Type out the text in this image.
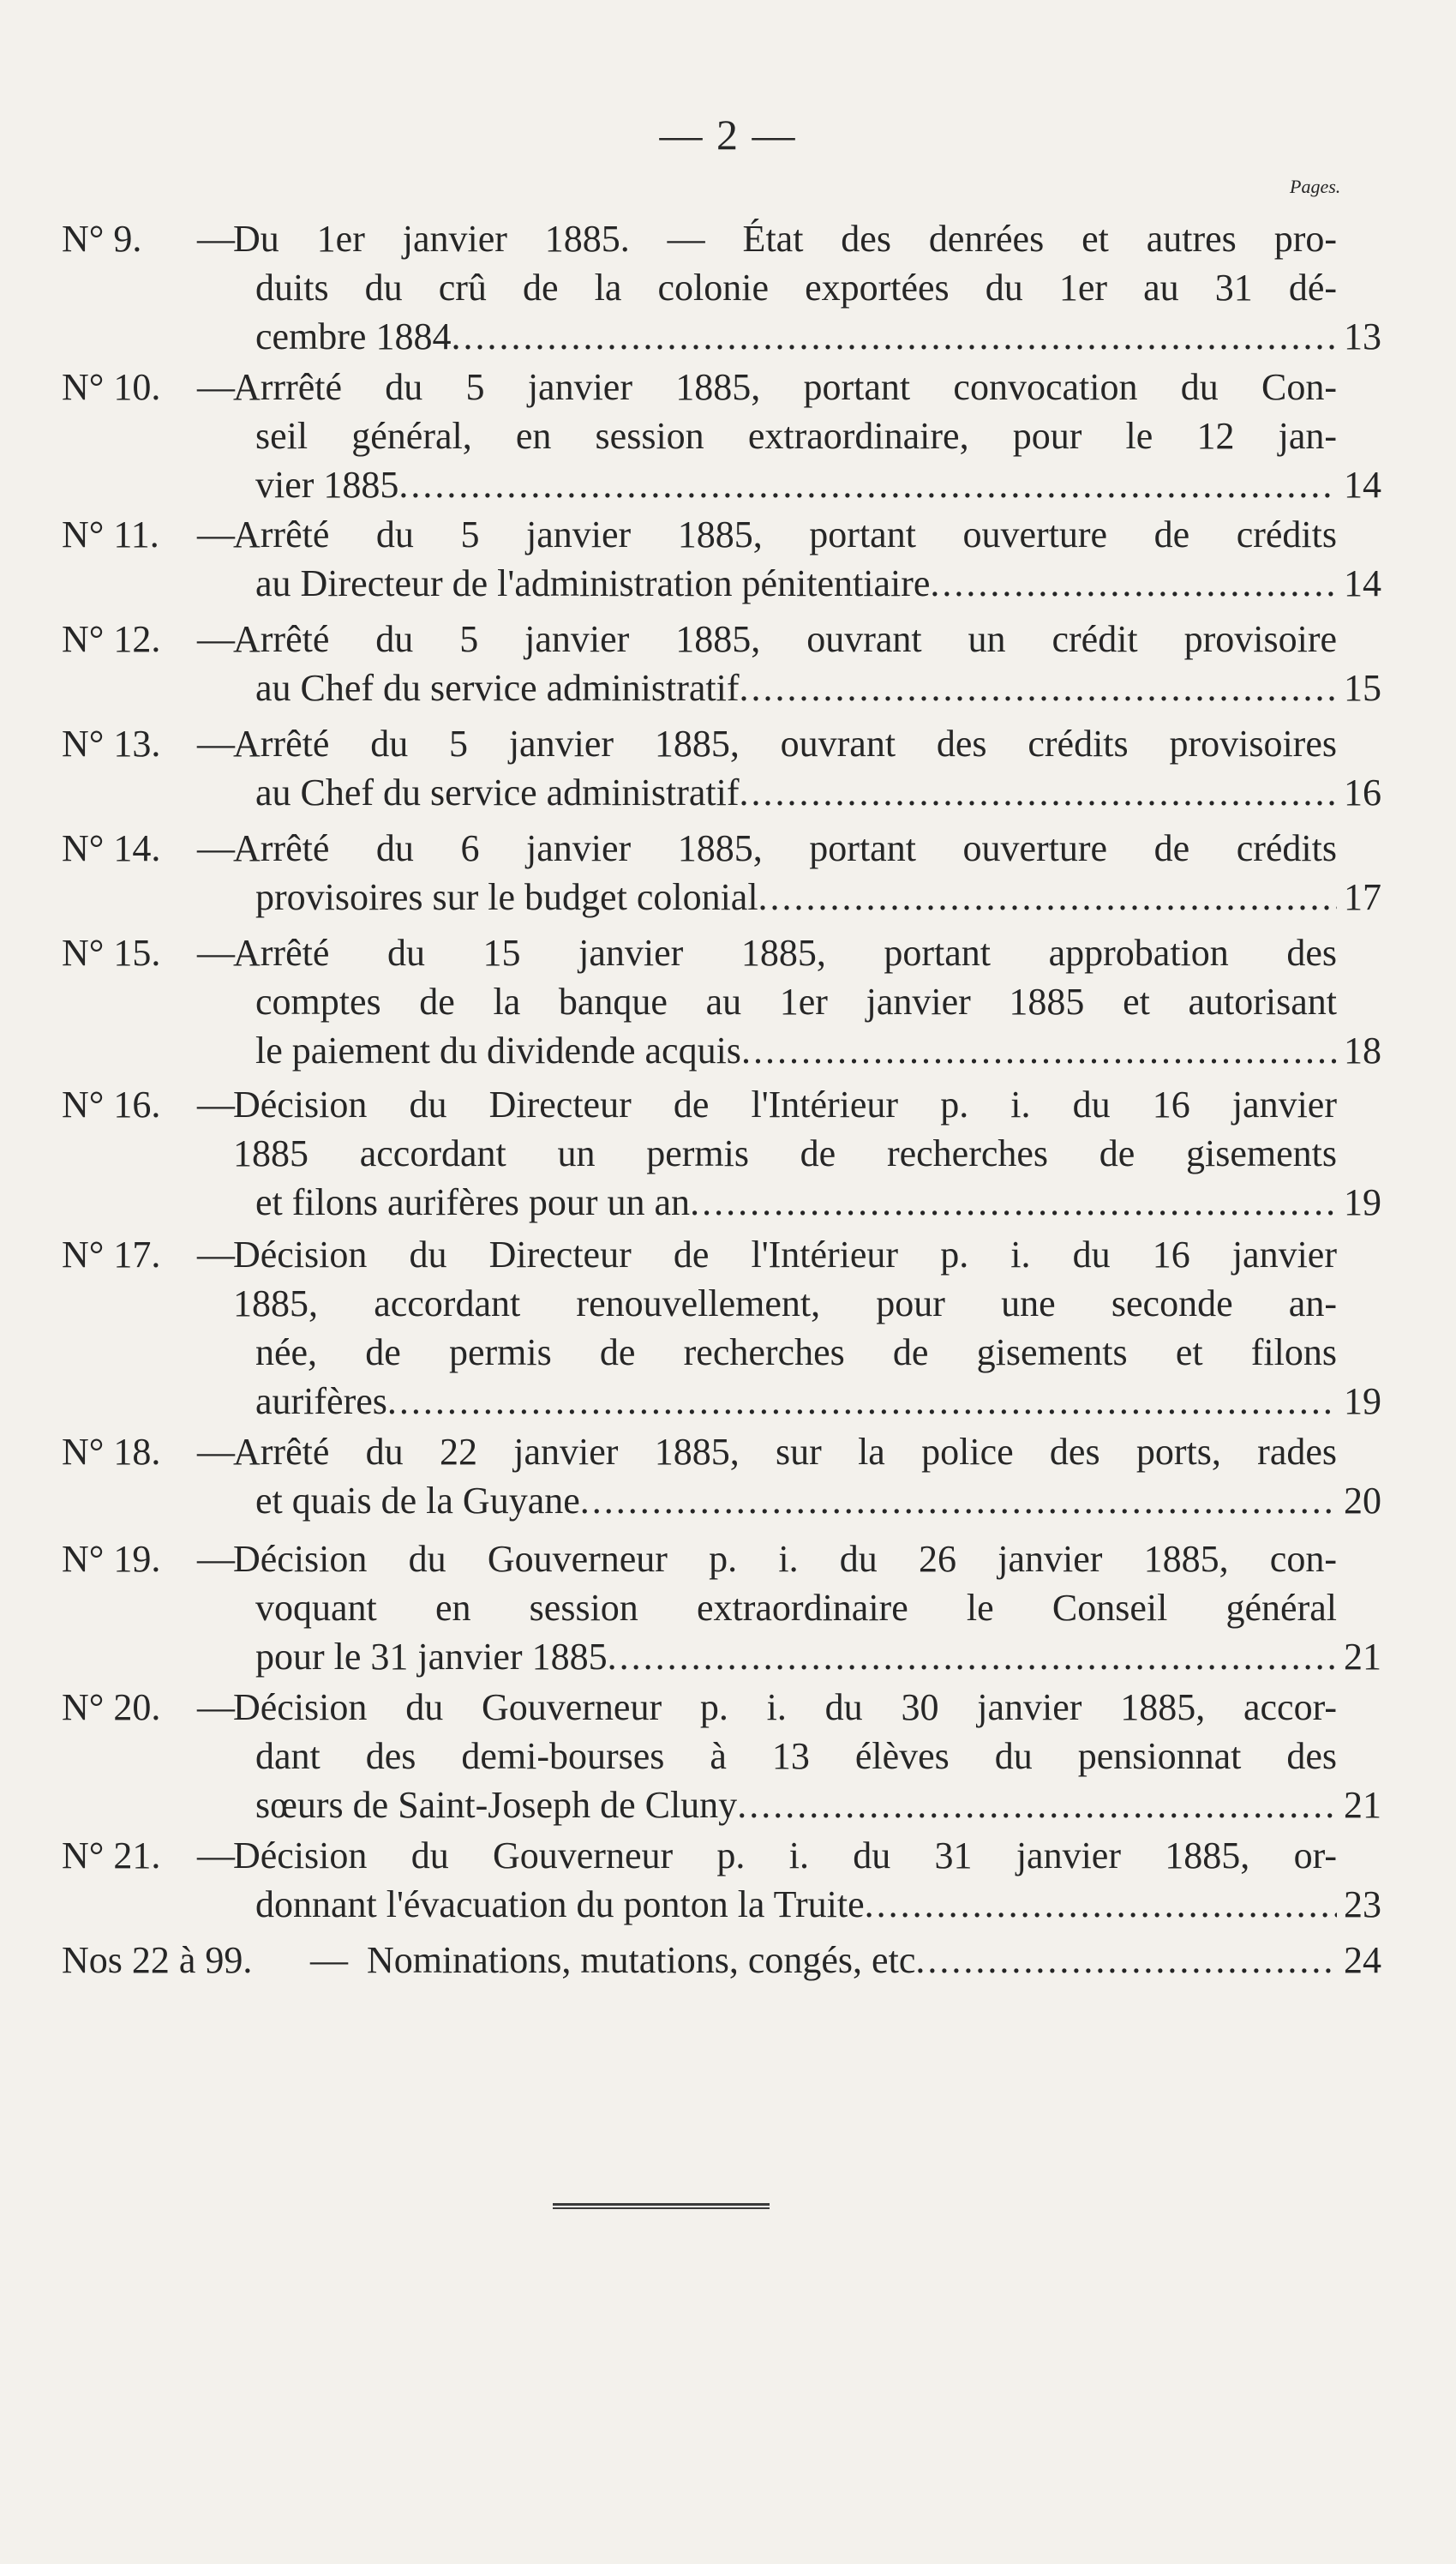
— 2 —
Pages.
N° 9.	—
Du 1er janvier 1885. — État des denrées et autres pro-
duits du crû de la colonie exportées du 1er au 31 dé-
cembre 1884 .....	13
N° 10. —
Arrrêté du 5 janvier 1885, portant convocation du Con-
seil général, en session extraordinaire, pour le 12 jan-
vier 1885 .....	14
N° 11.	—
Arrêté du 5 janvier 1885, portant ouverture de crédits
au Directeur de l'administration pénitentiaire .....	14
N° 12. —
Arrêté du 5 janvier 1885, ouvrant un crédit provisoire
au Chef du service administratif .....	15
N° 13. —
Arrêté du 5 janvier 1885, ouvrant des crédits provisoires
au Chef du service administratif .....	16
N° 14. —
Arrêté du 6 janvier 1885, portant ouverture de crédits
provisoires sur le budget colonial .....	17
N° 15. —
Arrêté du 15 janvier 1885, portant approbation des
comptes de la banque au 1er janvier 1885 et autorisant
le paiement du dividende acquis .....	18
N° 16. —
Décision du Directeur de l'Intérieur p. i. du 16 janvier
1885 accordant un permis de recherches de gisements
et filons aurifères pour un an .....	19
N° 17. —
Décision du Directeur de l'Intérieur p. i. du 16 janvier
1885, accordant renouvellement, pour une seconde an-
née, de permis de recherches de gisements et filons
aurifères .....	19
N° 18. —
Arrêté du 22 janvier 1885, sur la police des ports, rades
et quais de la Guyane .....	20
N° 19. —
Décision du Gouverneur p. i. du 26 janvier 1885, con-
voquant en session extraordinaire le Conseil général
pour le 31 janvier 1885 .....	21
N° 20. —
Décision du Gouverneur p. i. du 30 janvier 1885, accor-
dant des demi-bourses à 13 élèves du pensionnat des
sœurs de Saint-Joseph de Cluny .....	21
N° 21. —
Décision du Gouverneur p. i. du 31 janvier 1885, or-
donnant l'évacuation du ponton la Truite .....	23
Nos 22 à 99.	— Nominations, mutations, congés, etc .....	24
